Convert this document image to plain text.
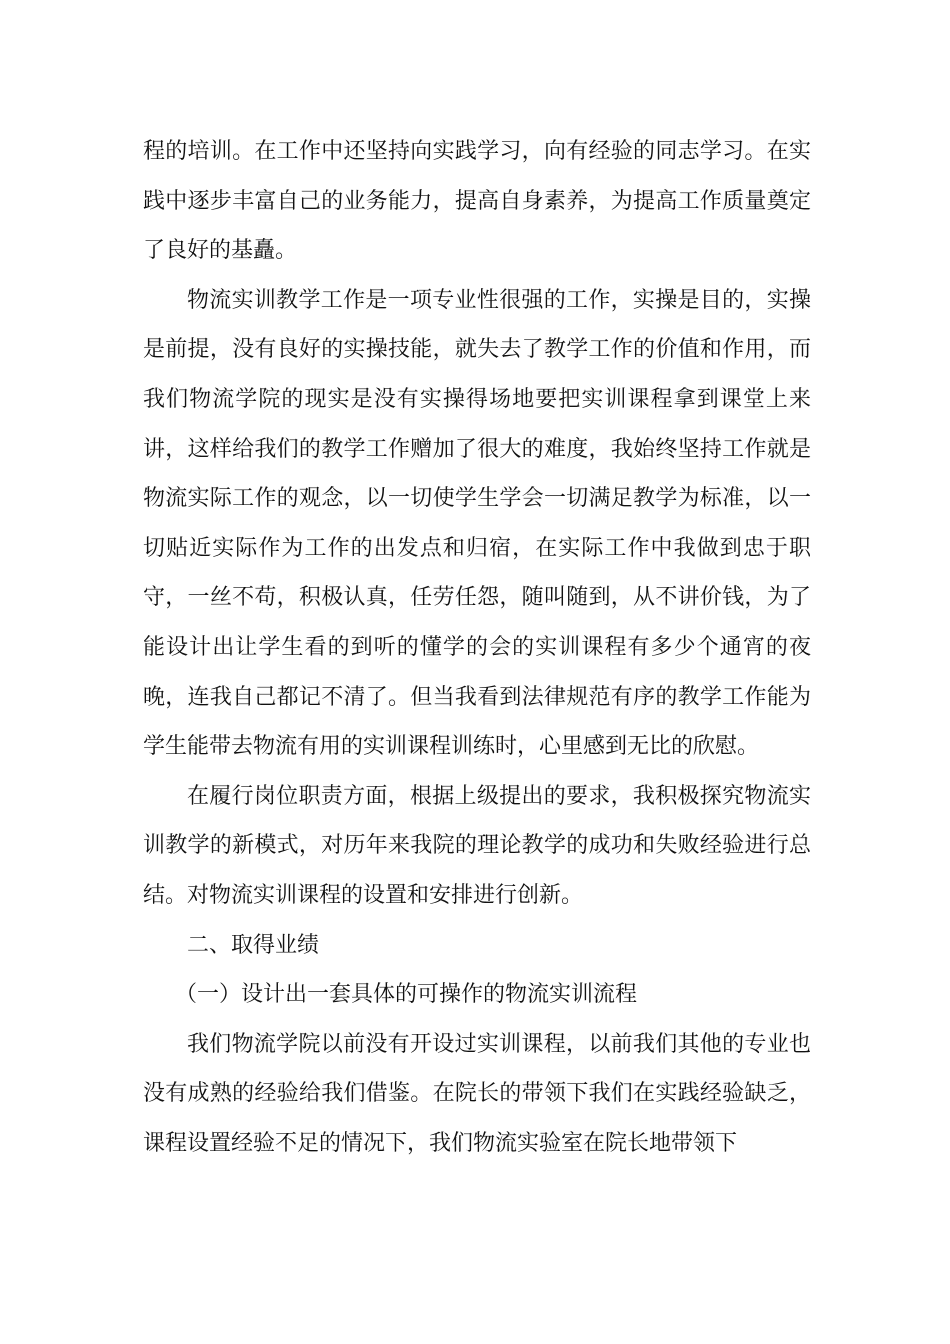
程的培训。在工作中还坚持向实践学习，向有经验的同志学习。在实践中逐步丰富自己的业务能力，提高自身素养，为提高工作质量奠定了良好的基矗。

物流实训教学工作是一项专业性很强的工作，实操是目的，实操是前提，没有良好的实操技能，就失去了教学工作的价值和作用，而我们物流学院的现实是没有实操得场地要把实训课程拿到课堂上来讲，这样给我们的教学工作赠加了很大的难度，我始终坚持工作就是物流实际工作的观念，以一切使学生学会一切满足教学为标准，以一切贴近实际作为工作的出发点和归宿，在实际工作中我做到忠于职守，一丝不苟，积极认真，任劳任怨，随叫随到，从不讲价钱，为了能设计出让学生看的到听的懂学的会的实训课程有多少个通宵的夜晚，连我自己都记不清了。但当我看到法律规范有序的教学工作能为学生能带去物流有用的实训课程训练时，心里感到无比的欣慰。

在履行岗位职责方面，根据上级提出的要求，我积极探究物流实训教学的新模式，对历年来我院的理论教学的成功和失败经验进行总结。对物流实训课程的设置和安排进行创新。

二、取得业绩

（一）设计出一套具体的可操作的物流实训流程

我们物流学院以前没有开设过实训课程，以前我们其他的专业也没有成熟的经验给我们借鉴。在院长的带领下我们在实践经验缺乏，课程设置经验不足的情况下，我们物流实验室在院长地带领下
